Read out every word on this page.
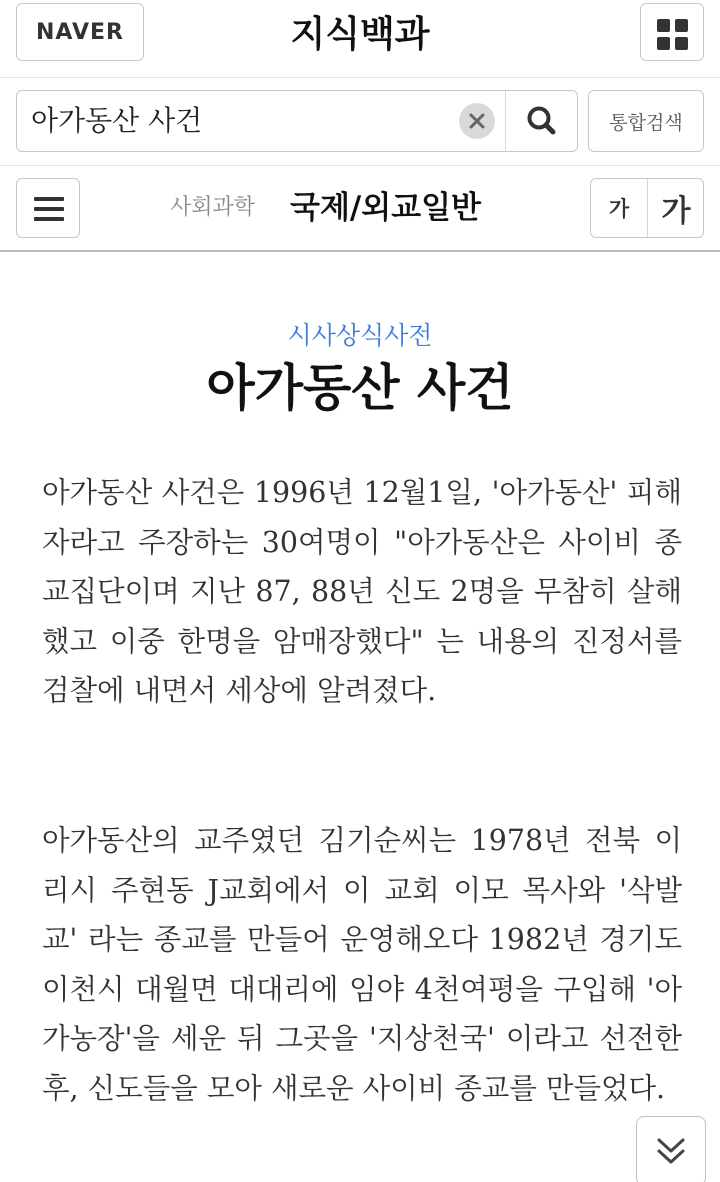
NAVER	지식백과
아가동산 사건
통합검색
사회과학 국제/외교일반	가	가
시사상식사전
아가동산 사건

아가동산 사건은 1996년 12월1일, '아가동산' 피해자라고 주장하는 30여명이 "아가동산은 사이비 종교집단이며 지난 87, 88년 신도 2명을 무참히 살해했고 이중 한명을 암매장했다" 는 내용의 진정서를 검찰에 내면서 세상에 알려졌다.

아가동산의 교주였던 김기순씨는 1978년 전북 이리시 주현동 J교회에서 이 교회 이모 목사와 '삭발교' 라는 종교를 만들어 운영해오다 1982년 경기도 이천시 대월면 대대리에 임야 4천여평을 구입해 '아가농장'을 세운 뒤 그곳을 '지상천국' 이라고 선전한 후, 신도들을 모아 새로운 사이비 종교를 만들었다.
